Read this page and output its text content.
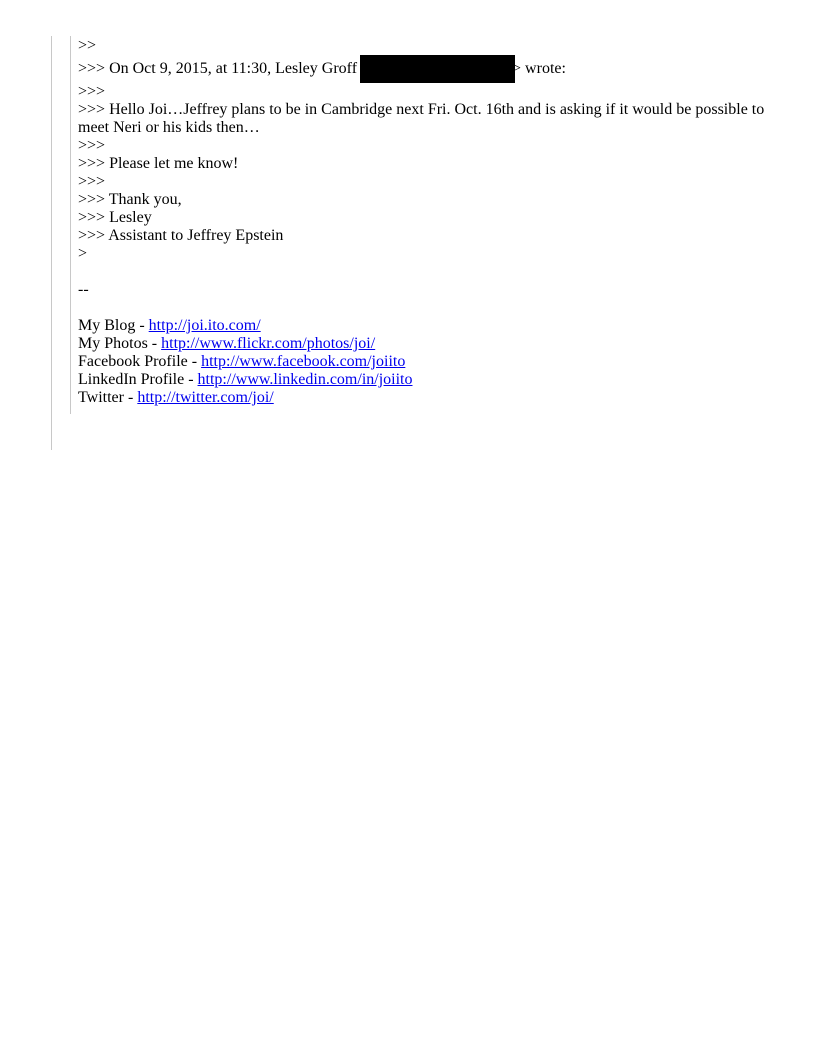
>>
>>> On Oct 9, 2015, at 11:30, Lesley Groff	> wrote:
>>>
>>> Hello Joi…Jeffrey plans to be in Cambridge next Fri. Oct. 16th and is asking if it would be possible to meet Neri or his kids then…
>>>
>>> Please let me know!
>>>
>>> Thank you,
>>> Lesley
>>> Assistant to Jeffrey Epstein
>
--
My Blog - http://joi.ito.com/
My Photos - http://www.flickr.com/photos/joi/
Facebook Profile - http://www.facebook.com/joiito
LinkedIn Profile - http://www.linkedin.com/in/joiito
Twitter - http://twitter.com/joi/
